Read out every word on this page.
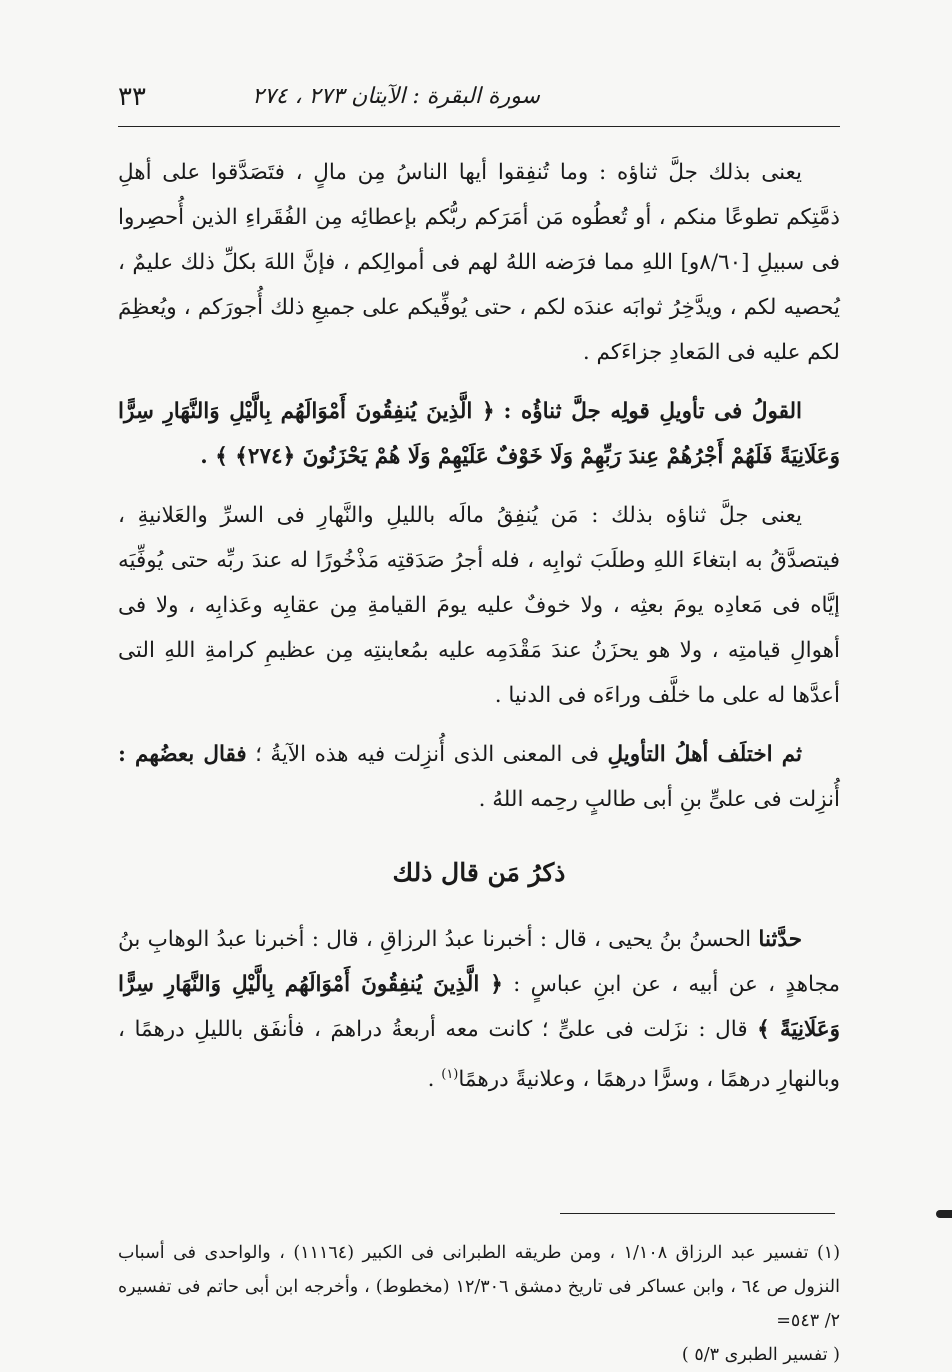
٣٣	سورة البقرة : الآيتان ٢٧٣ ، ٢٧٤

يعنى بذلك جلَّ ثناؤه : وما تُنفِقوا أيها الناسُ مِن مالٍ ، فتَصَدَّقوا على أهلِ ذمَّتِكم تطوعًا منكم ، أو تُعطُوه مَن أمَرَكم ربُّكم بإعطائِه مِن الفُقَراءِ الذين أُحصِروا فى سبيلِ [٨/٦٠و] اللهِ مما فرَضه اللهُ لهم فى أموالِكم ، فإنَّ اللهَ بكلِّ ذلك عليمٌ ، يُحصيه لكم ، ويدَّخِرُ ثوابَه عندَه لكم ، حتى يُوفِّيكم على جميعِ ذلك أُجورَكم ، ويُعظِمَ لكم عليه فى المَعادِ جزاءَكم .

القولُ فى تأويلِ قولِه جلَّ ثناؤُه : ﴿ الَّذِينَ يُنفِقُونَ أَمْوَالَهُم بِالَّيْلِ وَالنَّهَارِ سِرًّا وَعَلَانِيَةً فَلَهُمْ أَجْرُهُمْ عِندَ رَبِّهِمْ وَلَا خَوْفٌ عَلَيْهِمْ وَلَا هُمْ يَحْزَنُونَ ﴿٢٧٤﴾ ﴾ .

يعنى جلَّ ثناؤه بذلك : مَن يُنفِقُ مالَه بالليلِ والنَّهارِ فى السرِّ والعَلانيةِ ، فيتصدَّقُ به ابتغاءَ اللهِ وطلَبَ ثوابِه ، فله أجرُ صَدَقتِه مَذْخُورًا له عندَ ربِّه حتى يُوفِّيَه إيَّاه فى مَعادِه يومَ بعثِه ، ولا خوفٌ عليه يومَ القيامةِ مِن عقابِه وعَذابِه ، ولا فى أهوالِ قيامتِه ، ولا هو يحزَنُ عندَ مَقْدَمِه عليه بمُعاينتِه مِن عظيمِ كرامةِ اللهِ التى أعدَّها له على ما خلَّف وراءَه فى الدنيا .

ثم اختلَف أهلُ التأويلِ فى المعنى الذى أُنزِلت فيه هذه الآيةُ ؛ فقال بعضُهم : أُنزِلت فى علىٍّ بنِ أبى طالبٍ رحِمه اللهُ .

ذكرُ مَن قال ذلك

حدَّثنا الحسنُ بنُ يحيى ، قال : أخبرنا عبدُ الرزاقِ ، قال : أخبرنا عبدُ الوهابِ بنُ مجاهدٍ ، عن أبيه ، عن ابنِ عباسٍ : ﴿ الَّذِينَ يُنفِقُونَ أَمْوَالَهُم بِالَّيْلِ وَالنَّهَارِ سِرًّا وَعَلَانِيَةً ﴾ قال : نزَلت فى علىٍّ ؛ كانت معه أربعةُ دراهمَ ، فأنفَق بالليلِ درهمًا ، وبالنهارِ درهمًا ، وسرًّا درهمًا ، وعلانيةً درهمًا$^{(١)}$ .

(١) تفسير عبد الرزاق ١/١٠٨ ، ومن طريقه الطبرانى فى الكبير (١١١٦٤) ، والواحدى فى أسباب النزول ص ٦٤ ، وابن عساكر فى تاريخ دمشق ١٢/٣٠٦ (مخطوط) ، وأخرجه ابن أبى حاتم فى تفسيره ٢/ ٥٤٣=

( تفسير الطبرى ٥/٣ )
